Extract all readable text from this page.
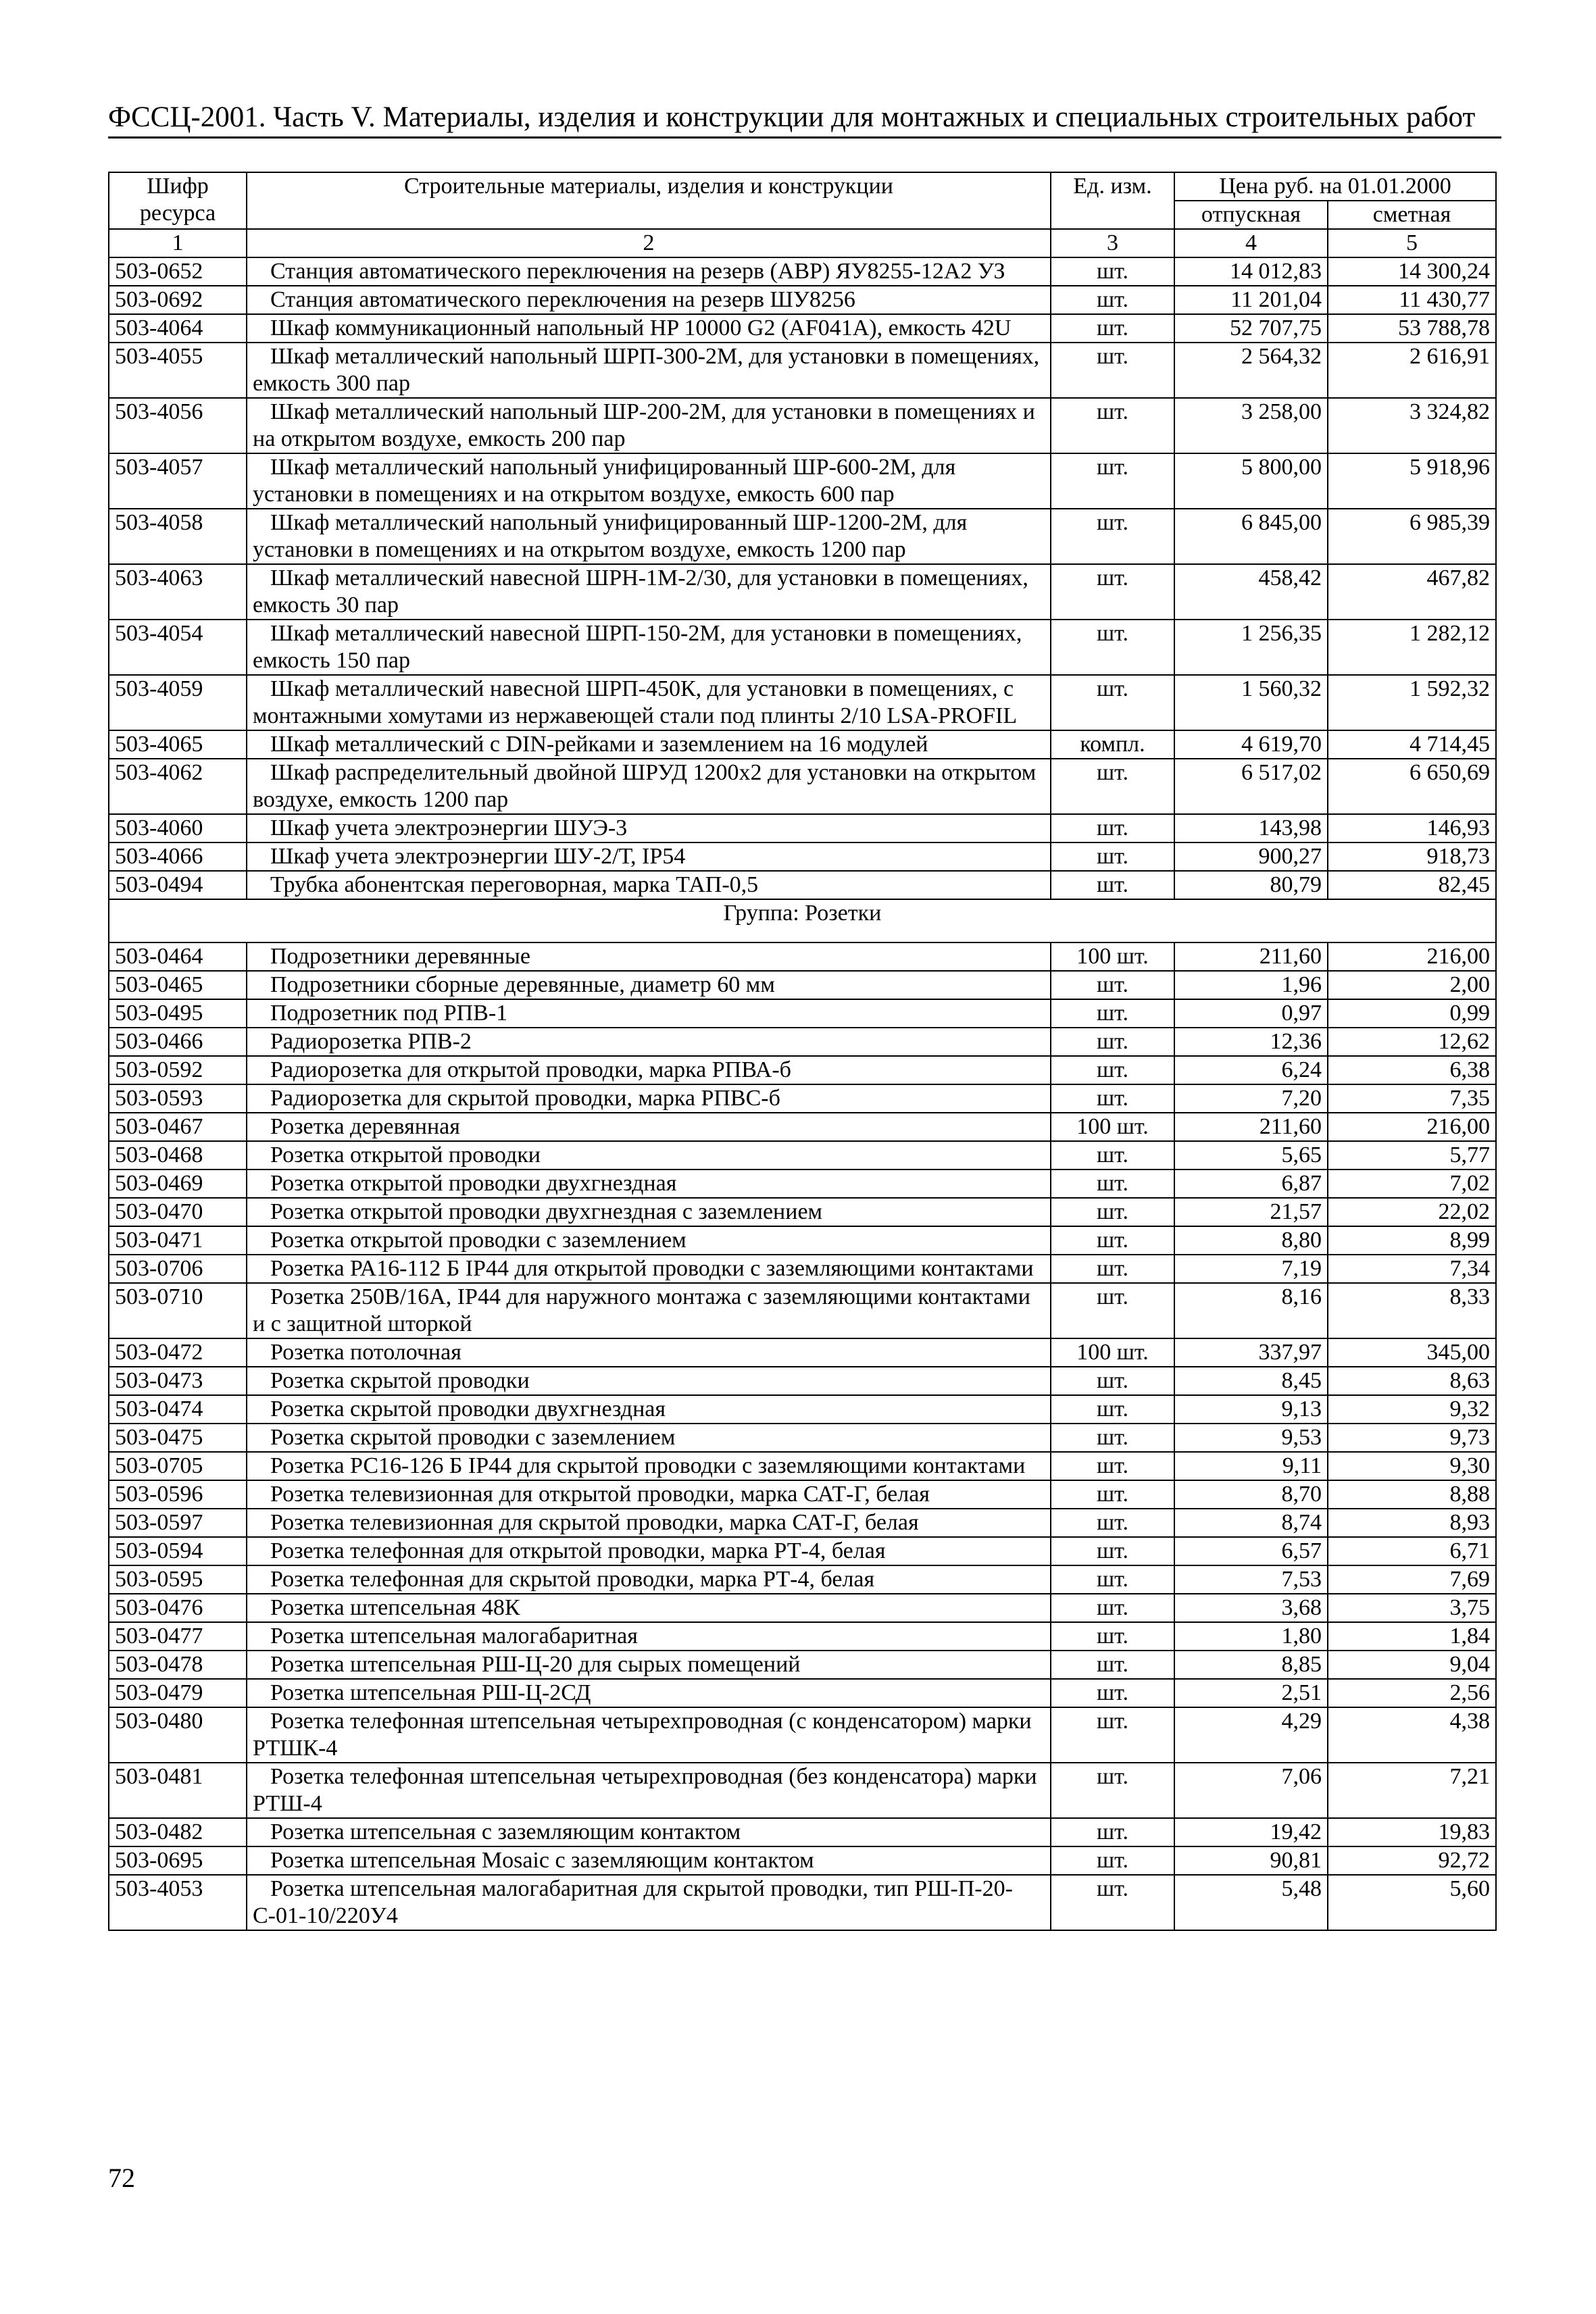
ФССЦ-2001. Часть V. Материалы, изделия и конструкции для монтажных и специальных строительных работ
Шифр ресурса	Строительные материалы, изделия и конструкции	Ед. изм.	Цена руб. на 01.01.2000	
			отпускная	сметная
1	2	3	4	5
503-0652	Станция автоматического переключения на резерв (АВР) ЯУ8255-12А2 УЗ	шт.	14 012,83	14 300,24
503-0692	Станция автоматического переключения на резерв ШУ8256	шт.	11 201,04	11 430,77
503-4064	Шкаф коммуникационный напольный HP 10000 G2 (AF041A), емкость 42U	шт.	52 707,75	53 788,78
503-4055	Шкаф металлический напольный ШРП-300-2М, для установки в помещениях, емкость 300 пар	шт.	2 564,32	2 616,91
503-4056	Шкаф металлический напольный ШР-200-2М, для установки в помещениях и на открытом воздухе, емкость 200 пар	шт.	3 258,00	3 324,82
503-4057	Шкаф металлический напольный унифицированный ШР-600-2М, для установки в помещениях и на открытом воздухе, емкость 600 пар	шт.	5 800,00	5 918,96
503-4058	Шкаф металлический напольный унифицированный ШР-1200-2М, для установки в помещениях и на открытом воздухе, емкость 1200 пар	шт.	6 845,00	6 985,39
503-4063	Шкаф металлический навесной ШРН-1М-2/30, для установки в помещениях, емкость 30 пар	шт.	458,42	467,82
503-4054	Шкаф металлический навесной ШРП-150-2М, для установки в помещениях, емкость 150 пар	шт.	1 256,35	1 282,12
503-4059	Шкаф металлический навесной ШРП-450К, для установки в помещениях, с монтажными хомутами из нержавеющей стали под плинты 2/10 LSA-PROFIL	шт.	1 560,32	1 592,32
503-4065	Шкаф металлический с DIN-рейками и заземлением на 16 модулей	компл.	4 619,70	4 714,45
503-4062	Шкаф распределительный двойной ШРУД 1200х2 для установки на открытом воздухе, емкость 1200 пар	шт.	6 517,02	6 650,69
503-4060	Шкаф учета электроэнергии ШУЭ-3	шт.	143,98	146,93
503-4066	Шкаф учета электроэнергии ШУ-2/Т, IP54	шт.	900,27	918,73
503-0494	Трубка абонентская переговорная, марка ТАП-0,5	шт.	80,79	82,45
Группа: Розетки				
503-0464	Подрозетники деревянные	100 шт.	211,60	216,00
503-0465	Подрозетники сборные деревянные, диаметр 60 мм	шт.	1,96	2,00
503-0495	Подрозетник под РПВ-1	шт.	0,97	0,99
503-0466	Радиорозетка РПВ-2	шт.	12,36	12,62
503-0592	Радиорозетка для открытой проводки, марка РПВА-б	шт.	6,24	6,38
503-0593	Радиорозетка для скрытой проводки, марка РПВС-б	шт.	7,20	7,35
503-0467	Розетка деревянная	100 шт.	211,60	216,00
503-0468	Розетка открытой проводки	шт.	5,65	5,77
503-0469	Розетка открытой проводки двухгнездная	шт.	6,87	7,02
503-0470	Розетка открытой проводки двухгнездная с заземлением	шт.	21,57	22,02
503-0471	Розетка открытой проводки с заземлением	шт.	8,80	8,99
503-0706	Розетка РА16-112 Б IP44 для открытой проводки с заземляющими контактами	шт.	7,19	7,34
503-0710	Розетка 250В/16А, IP44 для наружного монтажа с заземляющими контактами и с защитной шторкой	шт.	8,16	8,33
503-0472	Розетка потолочная	100 шт.	337,97	345,00
503-0473	Розетка скрытой проводки	шт.	8,45	8,63
503-0474	Розетка скрытой проводки двухгнездная	шт.	9,13	9,32
503-0475	Розетка скрытой проводки с заземлением	шт.	9,53	9,73
503-0705	Розетка РС16-126 Б IP44 для скрытой проводки с заземляющими контактами	шт.	9,11	9,30
503-0596	Розетка телевизионная для открытой проводки, марка САТ-Г, белая	шт.	8,70	8,88
503-0597	Розетка телевизионная для скрытой проводки, марка САТ-Г, белая	шт.	8,74	8,93
503-0594	Розетка телефонная для открытой проводки, марка РТ-4, белая	шт.	6,57	6,71
503-0595	Розетка телефонная для скрытой проводки, марка РТ-4, белая	шт.	7,53	7,69
503-0476	Розетка штепсельная 48К	шт.	3,68	3,75
503-0477	Розетка штепсельная малогабаритная	шт.	1,80	1,84
503-0478	Розетка штепсельная РШ-Ц-20 для сырых помещений	шт.	8,85	9,04
503-0479	Розетка штепсельная РШ-Ц-2СД	шт.	2,51	2,56
503-0480	Розетка телефонная штепсельная четырехпроводная (с конденсатором) марки РТШК-4	шт.	4,29	4,38
503-0481	Розетка телефонная штепсельная четырехпроводная (без конденсатора) марки РТШ-4	шт.	7,06	7,21
503-0482	Розетка штепсельная с заземляющим контактом	шт.	19,42	19,83
503-0695	Розетка штепсельная Mosaic с заземляющим контактом	шт.	90,81	92,72
503-4053	Розетка штепсельная малогабаритная для скрытой проводки, тип РШ-П-20-С-01-10/220У4	шт.	5,48	5,60
72
